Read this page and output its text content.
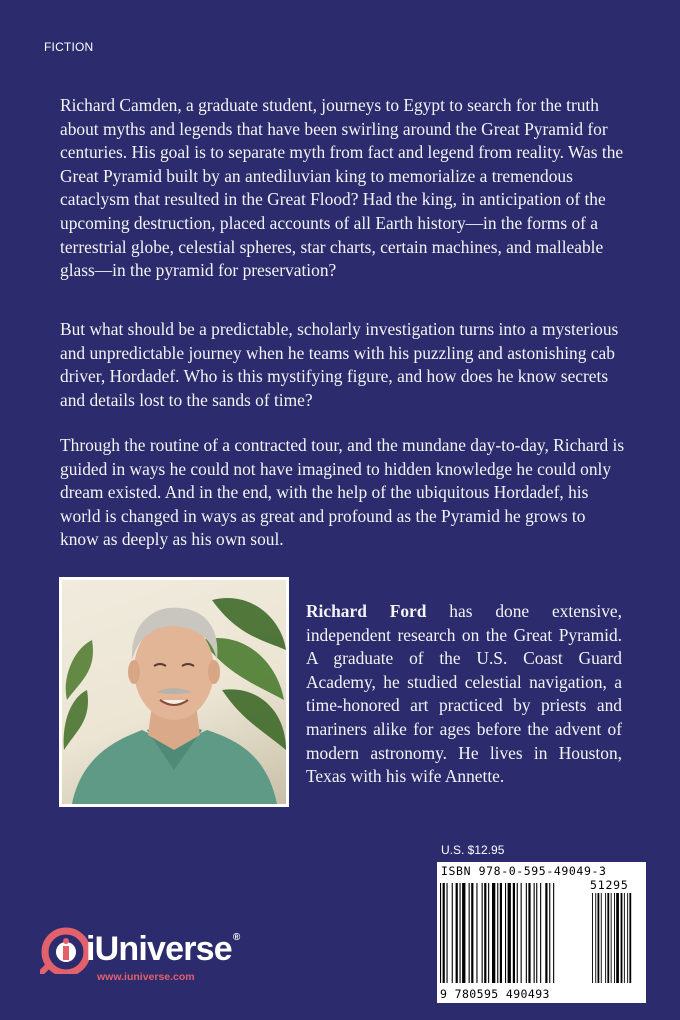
FICTION

Richard Camden, a graduate student, journeys to Egypt to search for the truth about myths and legends that have been swirling around the Great Pyramid for centuries. His goal is to separate myth from fact and legend from reality. Was the Great Pyramid built by an antediluvian king to memorialize a tremendous cataclysm that resulted in the Great Flood? Had the king, in anticipation of the upcoming destruction, placed accounts of all Earth history—in the forms of a terrestrial globe, celestial spheres, star charts, certain machines, and malleable glass—in the pyramid for preservation?

But what should be a predictable, scholarly investigation turns into a mysterious and unpredictable journey when he teams with his puzzling and astonishing cab driver, Hordadef. Who is this mystifying figure, and how does he know secrets and details lost to the sands of time?

Through the routine of a contracted tour, and the mundane day-to-day, Richard is guided in ways he could not have imagined to hidden knowledge he could only dream existed. And in the end, with the help of the ubiquitous Hordadef, his world is changed in ways as great and profound as the Pyramid he grows to know as deeply as his own soul.

Richard Ford has done extensive, independent research on the Great Pyramid. A graduate of the U.S. Coast Guard Academy, he studied celestial navigation, a time-honored art practiced by priests and mariners alike for ages before the advent of modern astronomy. He lives in Houston, Texas with his wife Annette.
U.S. $12.95
ISBN 978-0-595-49049-3
51295
9 780595 490493
iUniverse®
www.iuniverse.com
